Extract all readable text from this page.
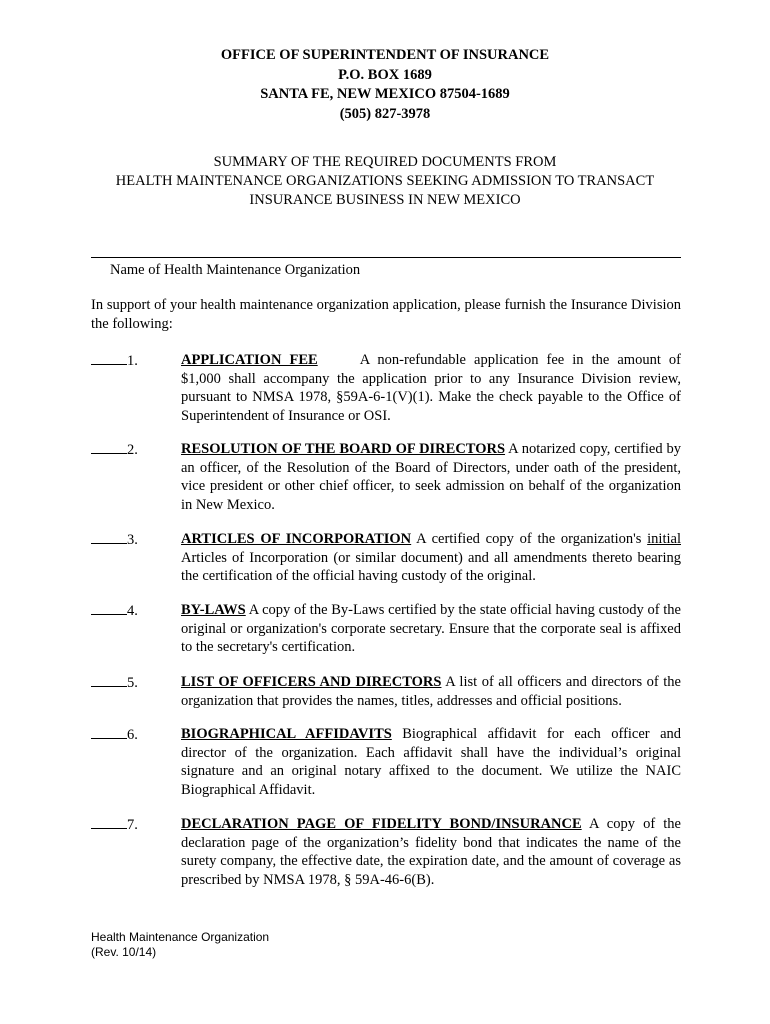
OFFICE OF SUPERINTENDENT OF INSURANCE
P.O. BOX 1689
SANTA FE, NEW MEXICO 87504-1689
(505) 827-3978
SUMMARY OF THE REQUIRED DOCUMENTS FROM
HEALTH MAINTENANCE ORGANIZATIONS SEEKING ADMISSION TO TRANSACT
INSURANCE BUSINESS IN NEW MEXICO
Name of Health Maintenance Organization
In support of your health maintenance organization application, please furnish the Insurance Division the following:
1.	APPLICATION FEE	A non-refundable application fee in the amount of $1,000 shall accompany the application prior to any Insurance Division review, pursuant to NMSA 1978, §59A-6-1(V)(1). Make the check payable to the Office of Superintendent of Insurance or OSI.
2.	RESOLUTION OF THE BOARD OF DIRECTORS A notarized copy, certified by an officer, of the Resolution of the Board of Directors, under oath of the president, vice president or other chief officer, to seek admission on behalf of the organization in New Mexico.
3.	ARTICLES OF INCORPORATION A certified copy of the organization's initial Articles of Incorporation (or similar document) and all amendments thereto bearing the certification of the official having custody of the original.
4.	BY-LAWS A copy of the By-Laws certified by the state official having custody of the original or organization's corporate secretary. Ensure that the corporate seal is affixed to the secretary's certification.
5.	LIST OF OFFICERS AND DIRECTORS A list of all officers and directors of the organization that provides the names, titles, addresses and official positions.
6.	BIOGRAPHICAL AFFIDAVITS Biographical affidavit for each officer and director of the organization. Each affidavit shall have the individual’s original signature and an original notary affixed to the document. We utilize the NAIC Biographical Affidavit.
7.	DECLARATION PAGE OF FIDELITY BOND/INSURANCE A copy of the declaration page of the organization’s fidelity bond that indicates the name of the surety company, the effective date, the expiration date, and the amount of coverage as prescribed by NMSA 1978, § 59A-46-6(B).
Health Maintenance Organization
(Rev. 10/14)
